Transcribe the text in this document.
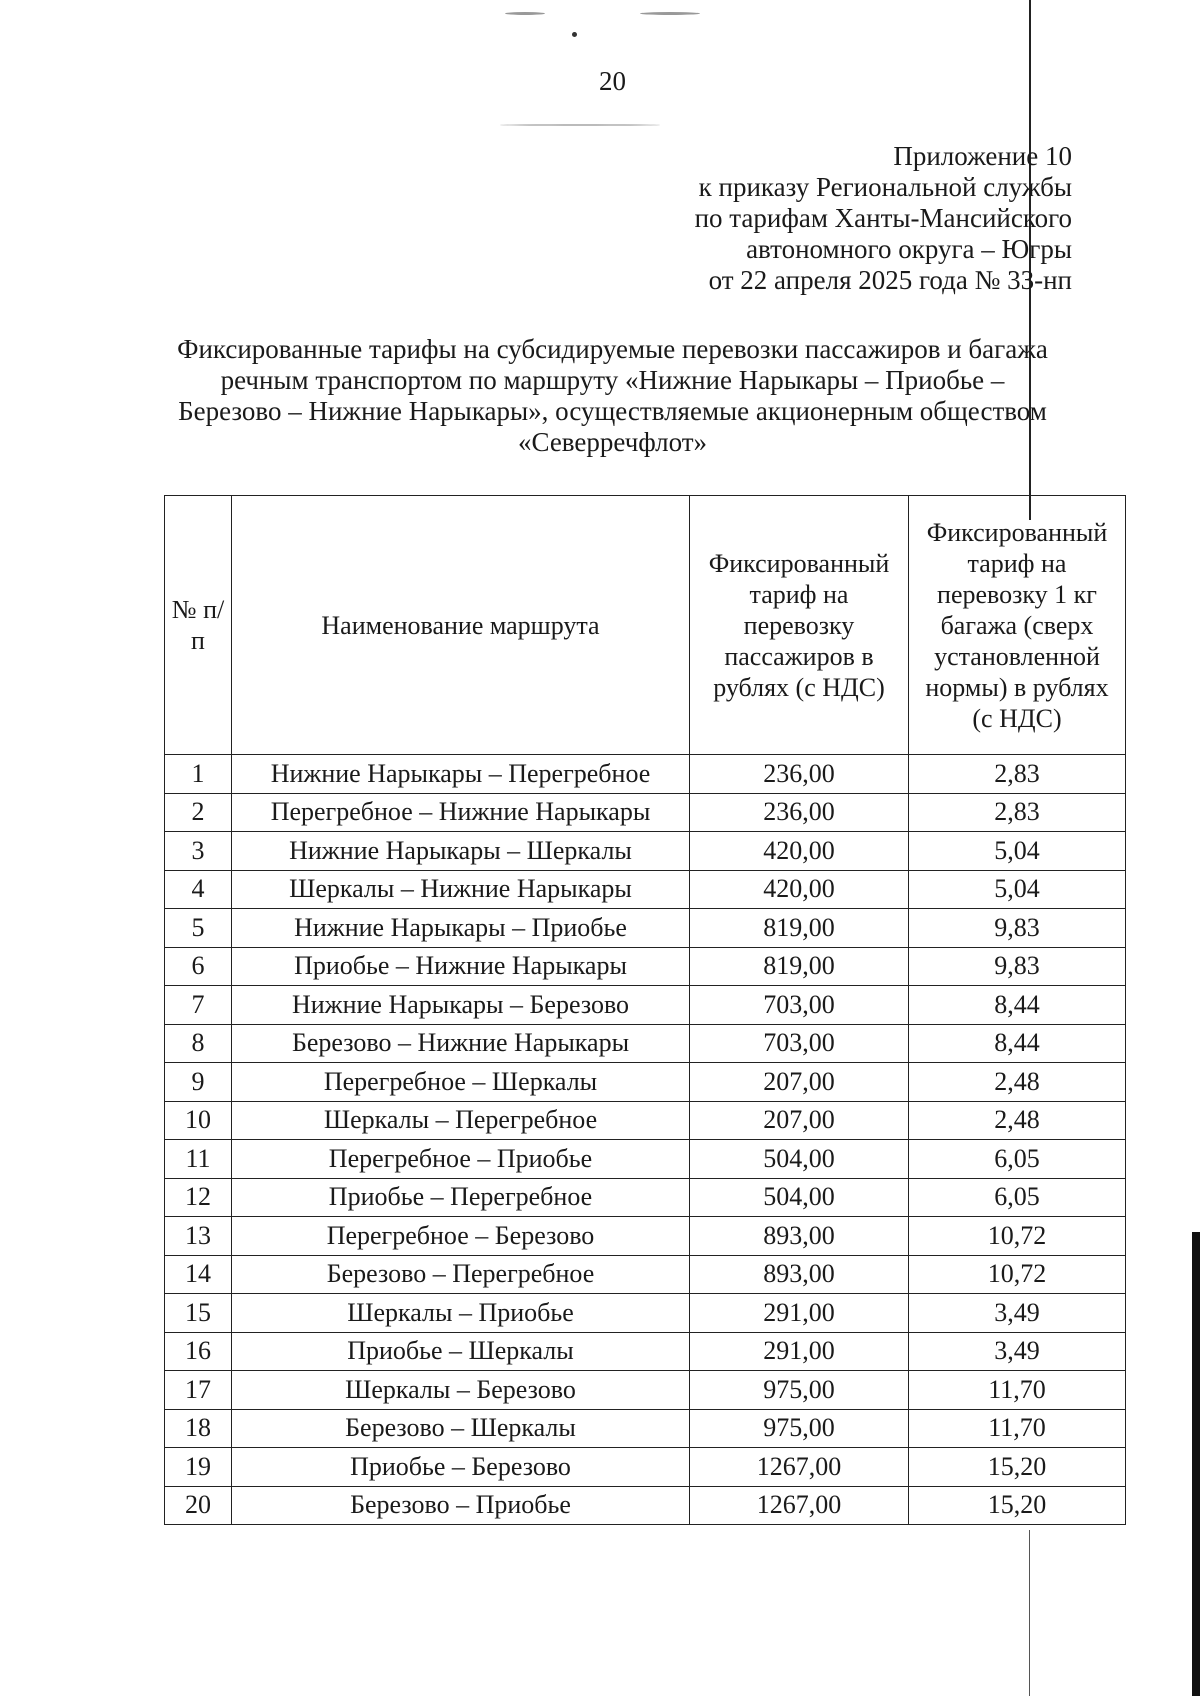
20
Приложение 10
к приказу Региональной службы
по тарифам Ханты-Мансийского
автономного округа – Югры
от 22 апреля 2025 года № 33-нп
Фиксированные тарифы на субсидируемые перевозки пассажиров и багажа
речным транспортом по маршруту «Нижние Нарыкары – Приобье –
Березово – Нижние Нарыкары», осуществляемые акционерным обществом
«Северречфлот»
№ п/п	Наименование маршрута	Фиксированный тариф на перевозку пассажиров в рублях (с НДС)	Фиксированный тариф на перевозку 1 кг багажа (сверх установленной нормы) в рублях (с НДС)
1	Нижние Нарыкары – Перегребное	236,00	2,83
2	Перегребное – Нижние Нарыкары	236,00	2,83
3	Нижние Нарыкары – Шеркалы	420,00	5,04
4	Шеркалы – Нижние Нарыкары	420,00	5,04
5	Нижние Нарыкары – Приобье	819,00	9,83
6	Приобье – Нижние Нарыкары	819,00	9,83
7	Нижние Нарыкары – Березово	703,00	8,44
8	Березово – Нижние Нарыкары	703,00	8,44
9	Перегребное – Шеркалы	207,00	2,48
10	Шеркалы – Перегребное	207,00	2,48
11	Перегребное – Приобье	504,00	6,05
12	Приобье – Перегребное	504,00	6,05
13	Перегребное – Березово	893,00	10,72
14	Березово – Перегребное	893,00	10,72
15	Шеркалы – Приобье	291,00	3,49
16	Приобье – Шеркалы	291,00	3,49
17	Шеркалы – Березово	975,00	11,70
18	Березово – Шеркалы	975,00	11,70
19	Приобье – Березово	1267,00	15,20
20	Березово – Приобье	1267,00	15,20
